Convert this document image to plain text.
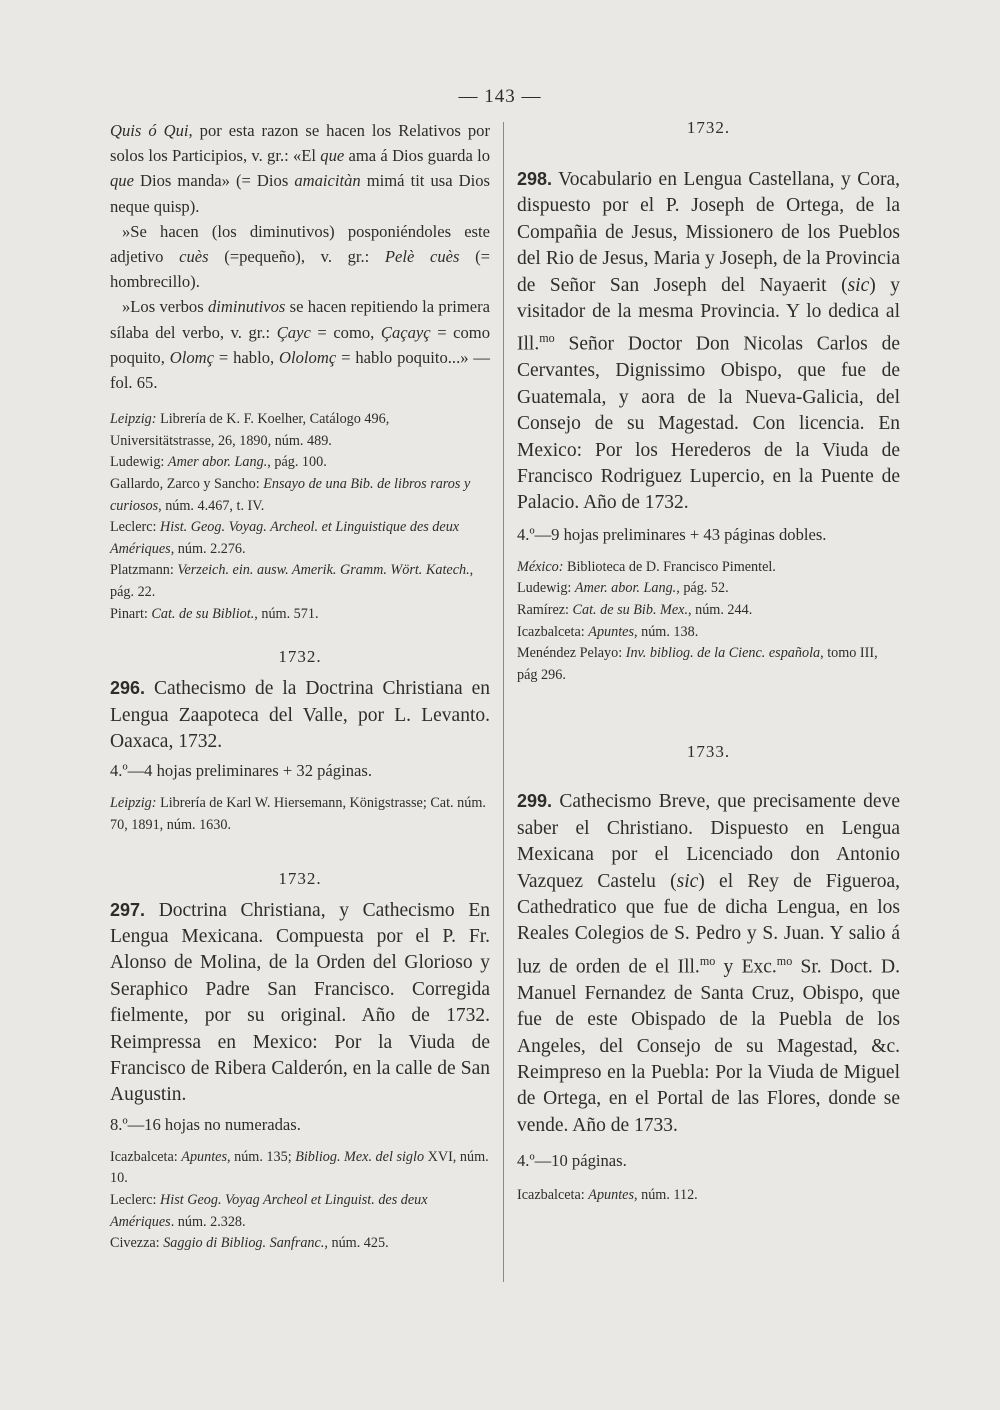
— 143 —

Quis ó Qui, por esta razon se hacen los Relativos por solos los Participios, v. gr.: «El que ama á Dios guarda lo que Dios manda» (= Dios amaicitàn mimá tit usa Dios neque quisp).

»Se hacen (los diminutivos) posponiéndoles este adjetivo cuès (=pequeño), v. gr.: Pelè cuès (= hombrecillo).

»Los verbos diminutivos se hacen repitiendo la primera sílaba del verbo, v. gr.: Çayc = como, Çaçayç = como poquito, Olomç = hablo, Ololomç = hablo poquito...» — fol. 65.

Leipzig: Librería de K. F. Koelher, Catálogo 496, Universitätstrasse, 26, 1890, núm. 489.

Ludewig: Amer abor. Lang., pág. 100.

Gallardo, Zarco y Sancho: Ensayo de una Bib. de libros raros y curiosos, núm. 4.467, t. IV.

Leclerc: Hist. Geog. Voyag. Archeol. et Linguistique des deux Amériques, núm. 2.276.

Platzmann: Verzeich. ein. ausw. Amerik. Gramm. Wört. Katech., pág. 22.

Pinart: Cat. de su Bibliot., núm. 571.

1732.

296. Cathecismo de la Doctrina Christiana en Lengua Zaapoteca del Valle, por L. Levanto. Oaxaca, 1732.

4.º—4 hojas preliminares + 32 páginas.

Leipzig: Librería de Karl W. Hiersemann, Königstrasse; Cat. núm. 70, 1891, núm. 1630.

1732.

297. Doctrina Christiana, y Cathecismo En Lengua Mexicana. Compuesta por el P. Fr. Alonso de Molina, de la Orden del Glorioso y Seraphico Padre San Francisco. Corregida fielmente, por su original. Año de 1732. Reimpressa en Mexico: Por la Viuda de Francisco de Ribera Calderón, en la calle de San Augustin.

8.º—16 hojas no numeradas.

Icazbalceta: Apuntes, núm. 135; Bibliog. Mex. del siglo XVI, núm. 10.

Leclerc: Hist Geog. Voyag Archeol et Linguist. des deux Amériques. núm. 2.328.

Civezza: Saggio di Bibliog. Sanfranc., núm. 425.

1732.

298. Vocabulario en Lengua Castellana, y Cora, dispuesto por el P. Joseph de Ortega, de la Compañia de Jesus, Missionero de los Pueblos del Rio de Jesus, Maria y Joseph, de la Provincia de Señor San Joseph del Nayaerit (sic) y visitador de la mesma Provincia. Y lo dedica al Ill.$^{mo}$ Señor Doctor Don Nicolas Carlos de Cervantes, Dignissimo Obispo, que fue de Guatemala, y aora de la Nueva-Galicia, del Consejo de su Magestad. Con licencia. En Mexico: Por los Herederos de la Viuda de Francisco Rodriguez Lupercio, en la Puente de Palacio. Año de 1732.

4.º—9 hojas preliminares + 43 páginas dobles.

México: Biblioteca de D. Francisco Pimentel.

Ludewig: Amer. abor. Lang., pág. 52.

Ramírez: Cat. de su Bib. Mex., núm. 244.

Icazbalceta: Apuntes, núm. 138.

Menéndez Pelayo: Inv. bibliog. de la Cienc. española, tomo III, pág 296.

1733.

299. Cathecismo Breve, que precisamente deve saber el Christiano. Dispuesto en Lengua Mexicana por el Licenciado don Antonio Vazquez Castelu (sic) el Rey de Figueroa, Cathedratico que fue de dicha Lengua, en los Reales Colegios de S. Pedro y S. Juan. Y salio á luz de orden de el Ill.$^{mo}$ y Exc.$^{mo}$ Sr. Doct. D. Manuel Fernandez de Santa Cruz, Obispo, que fue de este Obispado de la Puebla de los Angeles, del Consejo de su Magestad, &c. Reimpreso en la Puebla: Por la Viuda de Miguel de Ortega, en el Portal de las Flores, donde se vende. Año de 1733.

4.º—10 páginas.

Icazbalceta: Apuntes, núm. 112.
